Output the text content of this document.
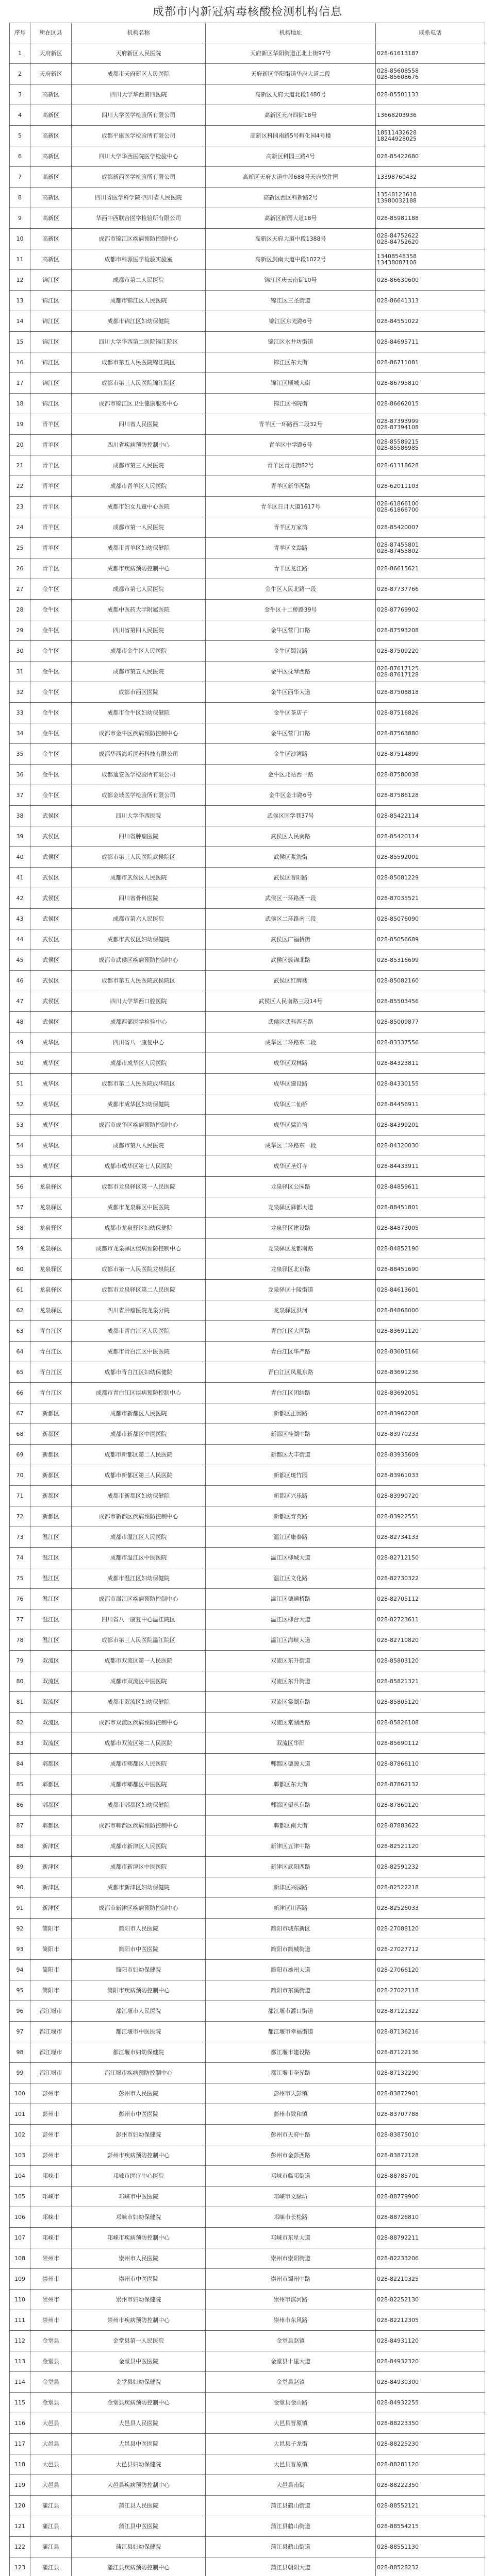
成都市内新冠病毒核酸检测机构信息
序号	所在区县	机构名称	机构地址	联系电话
1	天府新区	天府新区人民医院	天府新区华阳街道正北上街97号	028-61613187
2	天府新区	成都市天府新区人民医院	天府新区华阳街道华府大道二段	028-85608558
028-85608676
3	高新区	四川大学华西第四医院	高新区天府大道北段1480号	028-85501133
4	高新区	四川大学医学检验所有限公司	高新区天府四街18号	13668203936
5	高新区	成都平康医学检验所有限公司	高新区科园南路5号孵化园4号楼	18511432628
18244928025
6	高新区	四川大学华西医院医学检验中心	高新区科园三路4号	028-85422680
7	高新区	成都新西医学检验所有限公司	高新区天府大道中段688号天府软件园	13398760432
8	高新区	四川省医学科学院·四川省人民医院	高新区西区科新路2号	13548123618
13980032188
9	高新区	华西中西联合医学检验所有限公司	高新区新园大道18号	028-85981188
10	高新区	成都市锦江区疾病预防控制中心	高新区天府大道中段1388号	028-84752622
028-84752620
11	高新区	成都市科源医学检验实验室	高新区剑南大道中段1022号	13408548358
13438087108
12	锦江区	成都市第二人民医院	锦江区庆云南街10号	028-86630600
13	锦江区	成都市锦江区人民医院	锦江区三圣街道	028-86641313
14	锦江区	成都市锦江区妇幼保健院	锦江区东光路6号	028-84551022
15	锦江区	四川大学华西第二医院锦江院区	锦江区水井坊街道	028-84695711
16	锦江区	成都市第五人民医院锦江院区	锦江区东大街	028-86711081
17	锦江区	成都市第三人民医院锦江院区	锦江区顺城大街	028-86795810
18	锦江区	成都市锦江区卫生健康服务中心	锦江区书院街	028-86662015
19	青羊区	四川省人民医院	青羊区一环路西二段32号	028-87393999
028-87394108
20	青羊区	四川省疾病预防控制中心	青羊区中学路6号	028-85589215
028-85586985
21	青羊区	成都市第三人民医院	青羊区青龙街82号	028-61318628
22	青羊区	成都市青羊区人民医院	青羊区新华西路	028-62011103
23	青羊区	成都市妇女儿童中心医院	青羊区日月大道1617号	028-61866100
028-61866700
24	青羊区	成都市第一人民医院	青羊区万家湾	028-85420007
25	青羊区	成都市青羊区妇幼保健院	青羊区文翁路	028-87455801
028-87455802
26	青羊区	成都市疾病预防控制中心	青羊区龙江路	028-86615621
27	金牛区	成都市第七人民医院	金牛区人民北路一段	028-87737766
28	金牛区	成都中医药大学附属医院	金牛区十二桥路39号	028-87769902
29	金牛区	四川省第四人民医院	金牛区营门口路	028-87593208
30	金牛区	成都市金牛区人民医院	金牛区蜀汉路	028-87509220
31	金牛区	成都市第五人民医院	金牛区抚琴西路	028-87617125
028-87617128
32	金牛区	成都市西区医院	金牛区西华大道	028-87508818
33	金牛区	成都市金牛区妇幼保健院	金牛区茶店子	028-87516826
34	金牛区	成都市金牛区疾病预防控制中心	金牛区营门口路	028-87563880
35	金牛区	成都华西海圻医药科技有限公司	金牛区沙湾路	028-87514899
36	金牛区	成都迪安医学检验所有限公司	金牛区北站西一路	028-87580038
37	金牛区	成都金域医学检验所有限公司	金牛区金丰路6号	028-87586128
38	武侯区	四川大学华西医院	武侯区国学巷37号	028-85422114
39	武侯区	四川省肿瘤医院	武侯区人民南路	028-85420114
40	武侯区	成都市第三人民医院武侯院区	武侯区浆洗街	028-85592001
41	武侯区	成都市武侯区人民医院	武侯区晋阳路	028-85081229
42	武侯区	四川省骨科医院	武侯区一环路西一段	028-87035521
43	武侯区	成都市第六人民医院	武侯区二环路南三段	028-85076090
44	武侯区	成都市武侯区妇幼保健院	武侯区广福桥街	028-85056689
45	武侯区	成都市武侯区疾病预防控制中心	武侯区簇锦北路	028-85316699
46	武侯区	成都市第五人民医院武侯院区	武侯区红牌楼	028-85082160
47	武侯区	四川大学华西口腔医院	武侯区人民南路三段14号	028-85503456
48	武侯区	成都西部医学检验中心	武侯区武科西五路	028-85009877
49	成华区	四川省八一康复中心	成华区二环路东二段	028-83337556
50	成华区	成都市成华区人民医院	成华区双林路	028-84323811
51	成华区	成都市第二人民医院成华院区	成华区建设路	028-84330155
52	成华区	成都市成华区妇幼保健院	成华区二仙桥	028-84456911
53	成华区	成都市成华区疾病预防控制中心	成华区猛追湾	028-84399201
54	成华区	成都市第八人民医院	成华区二环路东一段	028-84320030
55	成华区	成都市成华区第七人民医院	成华区圣灯寺	028-84433911
56	龙泉驿区	成都市龙泉驿区第一人民医院	龙泉驿区公园路	028-84859611
57	龙泉驿区	成都市龙泉驿区中医医院	龙泉驿区驿都大道	028-88451801
58	龙泉驿区	成都市龙泉驿区妇幼保健院	龙泉驿区建设路	028-84873005
59	龙泉驿区	成都市龙泉驿区疾病预防控制中心	龙泉驿区龙都南路	028-84852190
60	龙泉驿区	成都市第一人民医院龙泉院区	龙泉驿区北京路	028-88451690
61	龙泉驿区	成都市龙泉驿区第二人民医院	龙泉驿区十陵街道	028-84613601
62	龙泉驿区	四川省肿瘤医院龙泉分院	龙泉驿区洪河	028-84868000
63	青白江区	成都市青白江区人民医院	青白江区大同路	028-83691120
64	青白江区	成都市青白江区中医医院	青白江区华严路	028-83605166
65	青白江区	成都市青白江区妇幼保健院	青白江区凤凰东路	028-83691236
66	青白江区	成都市青白江区疾病预防控制中心	青白江区团结路	028-83692051
67	新都区	成都市新都区人民医院	新都区正因路	028-83962208
68	新都区	成都市新都区中医医院	新都区桂湖中路	028-83970233
69	新都区	成都市新都区第二人民医院	新都区大丰街道	028-83935609
70	新都区	成都市新都区第三人民医院	新都区斑竹园	028-83961033
71	新都区	成都市新都区妇幼保健院	新都区兴乐路	028-83990720
72	新都区	成都市新都区疾病预防控制中心	新都区育英路	028-83922551
73	温江区	成都市温江区人民医院	温江区康泰路	028-82734133
74	温江区	成都市温江区中医医院	温江区柳城大道	028-82712150
75	温江区	成都市温江区妇幼保健院	温江区文化路	028-82730322
76	温江区	成都市温江区疾病预防控制中心	温江区德通桥路	028-82705112
77	温江区	四川省八一康复中心温江院区	温江区柳台大道	028-82723611
78	温江区	成都市第三人民医院温江院区	温江区海峡大道	028-82710820
79	双流区	成都市双流区第一人民医院	双流区东升街道	028-85803120
80	双流区	成都市双流区中医医院	双流区东升街道	028-85821321
81	双流区	成都市双流区妇幼保健院	双流区棠湖东路	028-85805120
82	双流区	成都市双流区疾病预防控制中心	双流区棠湖西路	028-85826108
83	双流区	成都市双流区第二人民医院	双流区华阳	028-85690112
84	郫都区	成都市郫都区人民医院	郫都区德源大道	028-87866110
85	郫都区	成都市郫都区中医医院	郫都区东大街	028-87862132
86	郫都区	成都市郫都区妇幼保健院	郫都区望丛东路	028-87860120
87	郫都区	成都市郫都区疾病预防控制中心	郫都区南大街	028-87883622
88	新津区	成都市新津区人民医院	新津区五津中路	028-82521120
89	新津区	成都市新津区中医医院	新津区武阳西路	028-82591232
90	新津区	成都市新津区妇幼保健院	新津区兴园路	028-82522218
91	新津区	成都市新津区疾病预防控制中心	新津区川西路	028-82526033
92	简阳市	简阳市人民医院	简阳市城东新区	028-27088120
93	简阳市	简阳市中医医院	简阳市简城街道	028-27027712
94	简阳市	简阳市妇幼保健院	简阳市雄州大道	028-27066120
95	简阳市	简阳市疾病预防控制中心	简阳市东溪街道	028-27022118
96	都江堰市	都江堰市人民医院	都江堰市灌口街道	028-87121322
97	都江堰市	都江堰市中医医院	都江堰市幸福街道	028-87136216
98	都江堰市	都江堰市妇幼保健院	都江堰市建设路	028-87122136
99	都江堰市	都江堰市疾病预防控制中心	都江堰市奎光路	028-87132290
100	彭州市	彭州市人民医院	彭州市天彭镇	028-83872901
101	彭州市	彭州市中医医院	彭州市致和镇	028-83707788
102	彭州市	彭州市妇幼保健院	彭州市天府中路	028-83875010
103	彭州市	彭州市疾病预防控制中心	彭州市金彭西路	028-83872128
104	邛崃市	邛崃市医疗中心医院	邛崃市临邛街道	028-88785701
105	邛崃市	邛崃市中医医院	邛崃市文脉坊	028-88779900
106	邛崃市	邛崃市妇幼保健院	邛崃市长松路	028-88726810
107	邛崃市	邛崃市疾病预防控制中心	邛崃市东星大道	028-88792211
108	崇州市	崇州市人民医院	崇州市崇阳街道	028-82233206
109	崇州市	崇州市中医医院	崇州市蜀州中路	028-82210325
110	崇州市	崇州市妇幼保健院	崇州市滨河路	028-82252130
111	崇州市	崇州市疾病预防控制中心	崇州市东风路	028-82212305
112	金堂县	金堂县第一人民医院	金堂县赵镇	028-84931120
113	金堂县	金堂县中医医院	金堂县十里大道	028-84932320
114	金堂县	金堂县妇幼保健院	金堂县赵镇	028-84930300
115	金堂县	金堂县疾病预防控制中心	金堂县金山路	028-84932255
116	大邑县	大邑县人民医院	大邑县晋原镇	028-88223350
117	大邑县	大邑县中医医院	大邑县子龙街	028-88225230
118	大邑县	大邑县妇幼保健院	大邑县晋原镇	028-88281120
119	大邑县	大邑县疾病预防控制中心	大邑县南街	028-88222350
120	蒲江县	蒲江县人民医院	蒲江县鹤山街道	028-88552121
121	蒲江县	蒲江县中医医院	蒲江县鹤山街道	028-88554215
122	蒲江县	蒲江县妇幼保健院	蒲江县鹤山街道	028-88551130
123	蒲江县	蒲江县疾病预防控制中心	蒲江县朝阳大道	028-88528232
